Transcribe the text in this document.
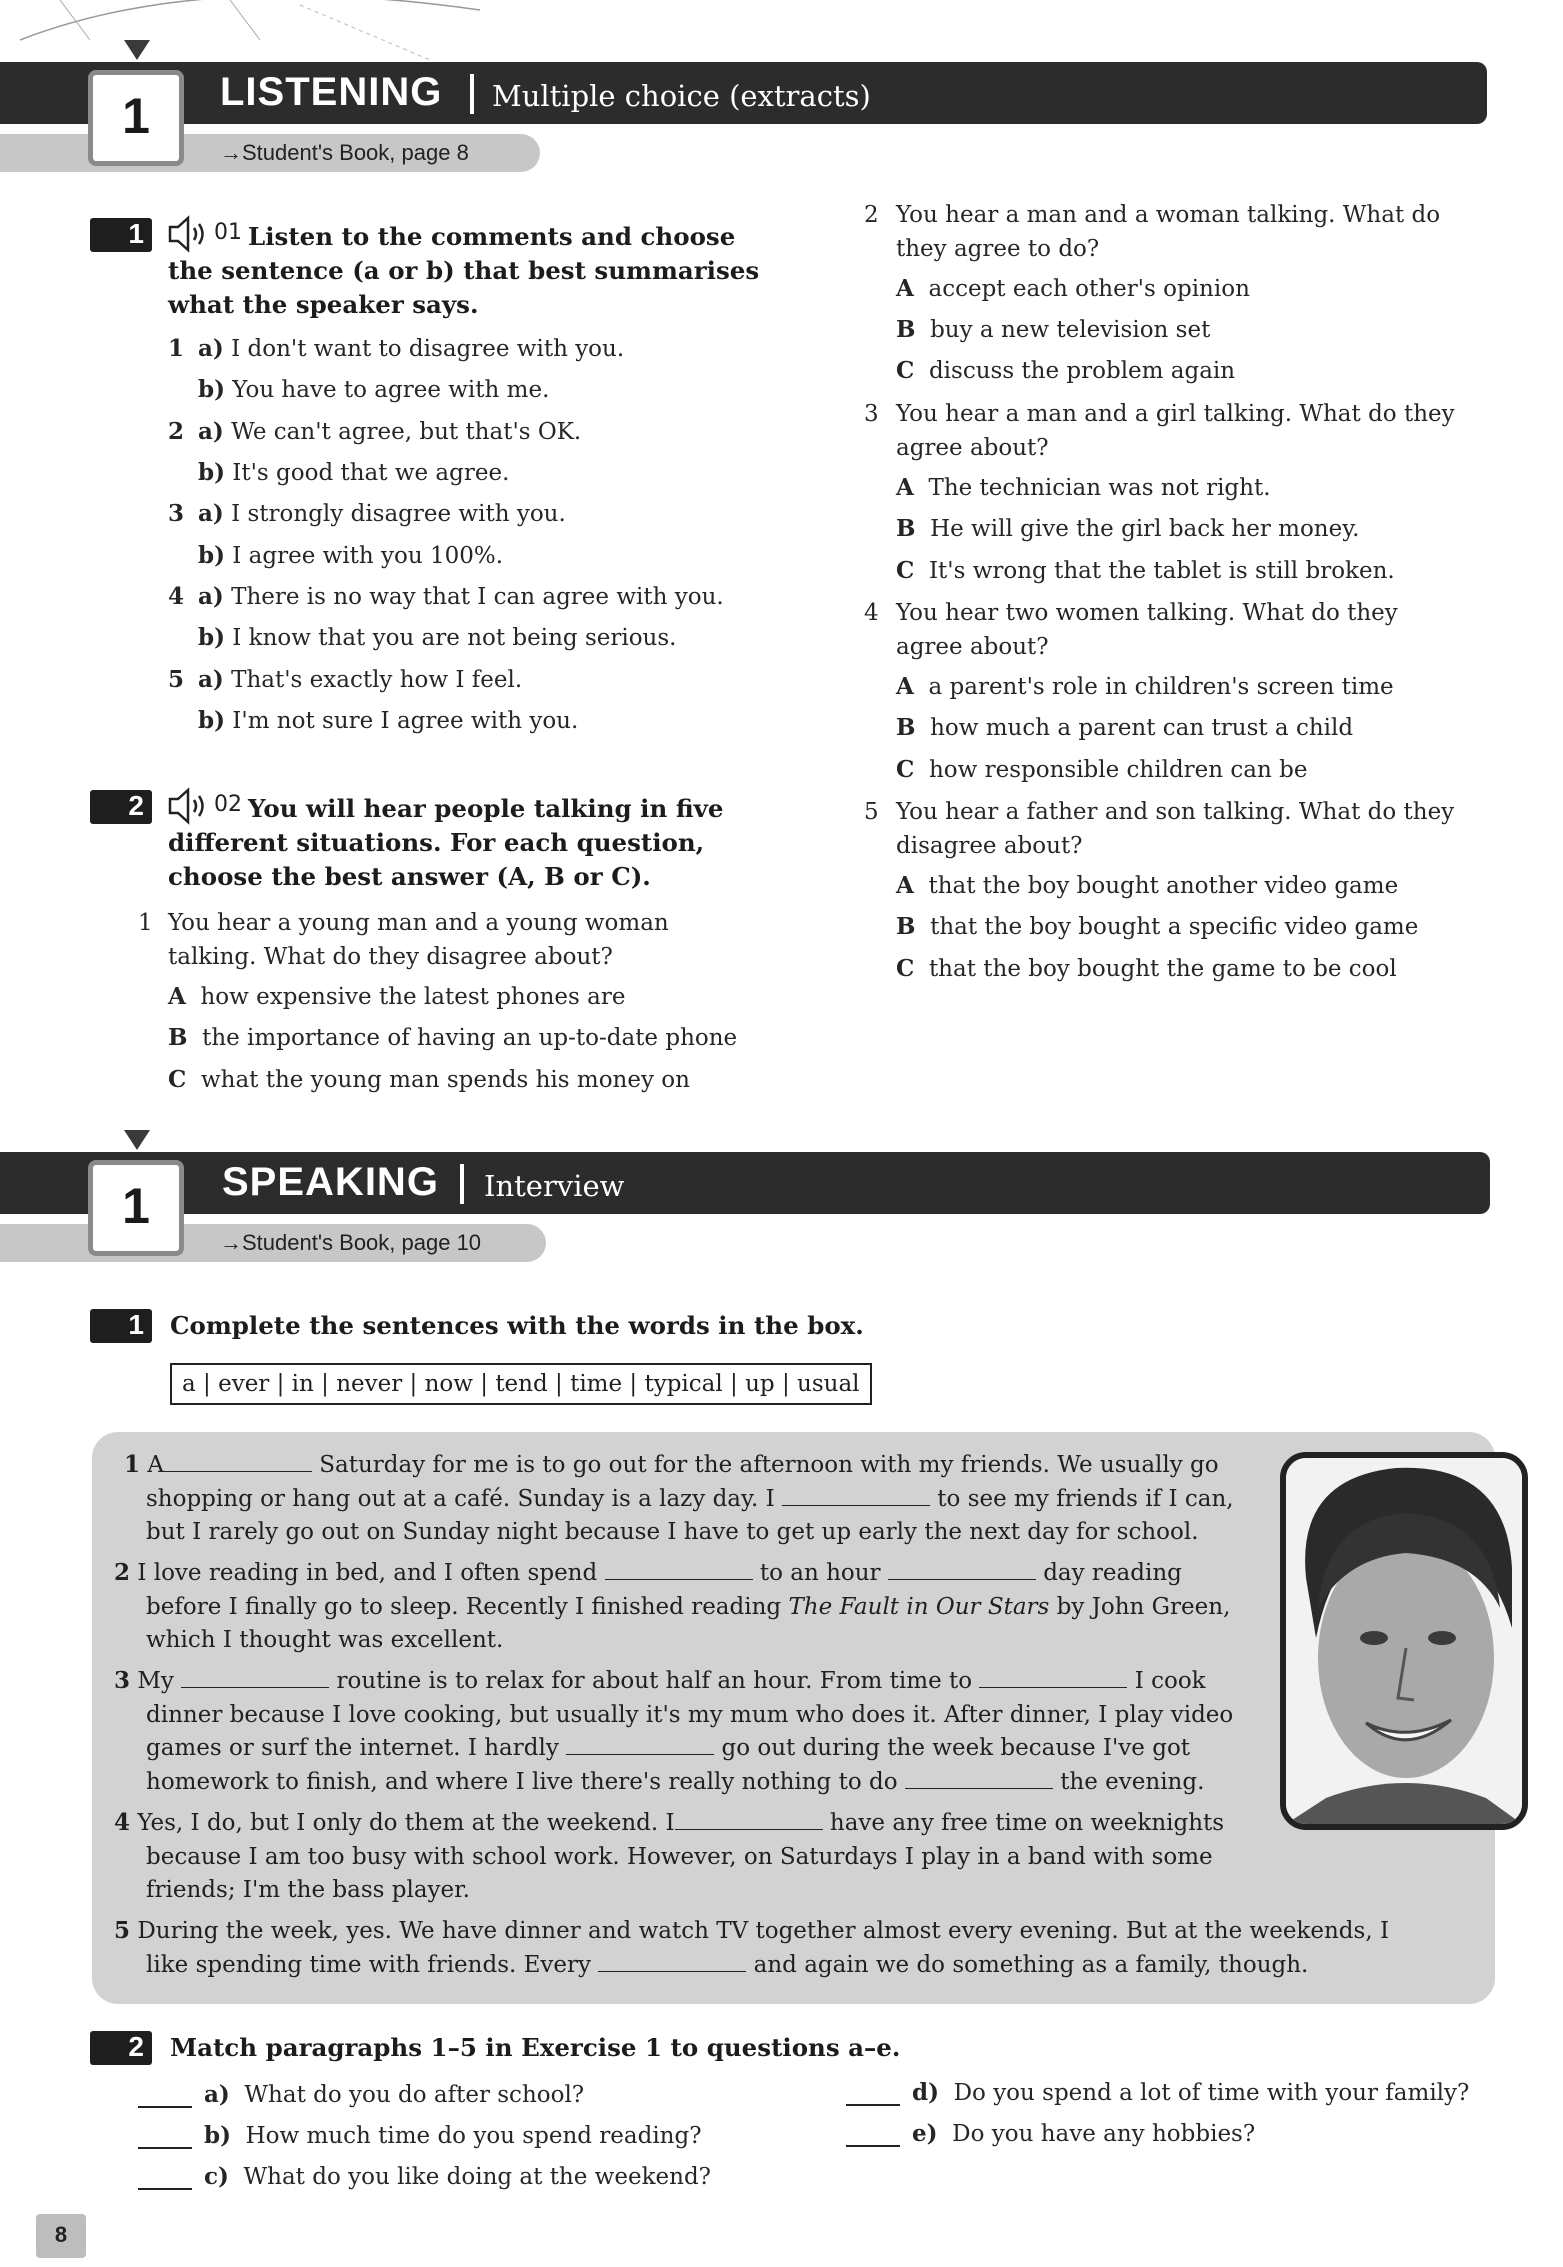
→Student's Book, page 8
LISTENING Multiple choice (extracts)
1
1	01 Listen to the comments and choose the sentence (a or b) that best summarises what the speaker says.
1 a) I don't want to disagree with you.
b) You have to agree with me.
2 a) We can't agree, but that's OK.
b) It's good that we agree.
3 a) I strongly disagree with you.
b) I agree with you 100%.
4 a) There is no way that I can agree with you.
b) I know that you are not being serious.
5 a) That's exactly how I feel.
b) I'm not sure I agree with you.
2	02 You will hear people talking in five different situations. For each question, choose the best answer (A, B or C).
1 You hear a young man and a young woman talking. What do they disagree about?
A how expensive the latest phones are
B the importance of having an up-to-date phone
C what the young man spends his money on
2 You hear a man and a woman talking. What do they agree to do?
A accept each other's opinion
B buy a new television set
C discuss the problem again
3 You hear a man and a girl talking. What do they agree about?
A The technician was not right.
B He will give the girl back her money.
C It's wrong that the tablet is still broken.
4 You hear two women talking. What do they agree about?
A a parent's role in children's screen time
B how much a parent can trust a child
C how responsible children can be
5 You hear a father and son talking. What do they disagree about?
A that the boy bought another video game
B that the boy bought a specific video game
C that the boy bought the game to be cool
→Student's Book, page 10
SPEAKING Interview
1
1 Complete the sentences with the words in the box.
a | ever | in | never | now | tend | time | typical | up | usual
1 A	Saturday for me is to go out for the afternoon with my friends. We usually go
shopping or hang out at a café. Sunday is a lazy day. I	to see my friends if I can,
but I rarely go out on Sunday night because I have to get up early the next day for school.
2 I love reading in bed, and I often spend	to an hour	day reading
before I finally go to sleep. Recently I finished reading The Fault in Our Stars by John Green,
which I thought was excellent.
3 My	routine is to relax for about half an hour. From time to	I cook
dinner because I love cooking, but usually it's my mum who does it. After dinner, I play video
games or surf the internet. I hardly	go out during the week because I've got
homework to finish, and where I live there's really nothing to do	the evening.
4 Yes, I do, but I only do them at the weekend. I	have any free time on weeknights
because I am too busy with school work. However, on Saturdays I play in a band with some
friends; I'm the bass player.
5 During the week, yes. We have dinner and watch TV together almost every evening. But at the weekends, I
like spending time with friends. Every	and again we do something as a family, though.
2 Match paragraphs 1–5 in Exercise 1 to questions a–e.
a) What do you do after school?
b) How much time do you spend reading?
c) What do you like doing at the weekend?
d) Do you spend a lot of time with your family?
e) Do you have any hobbies?
8
